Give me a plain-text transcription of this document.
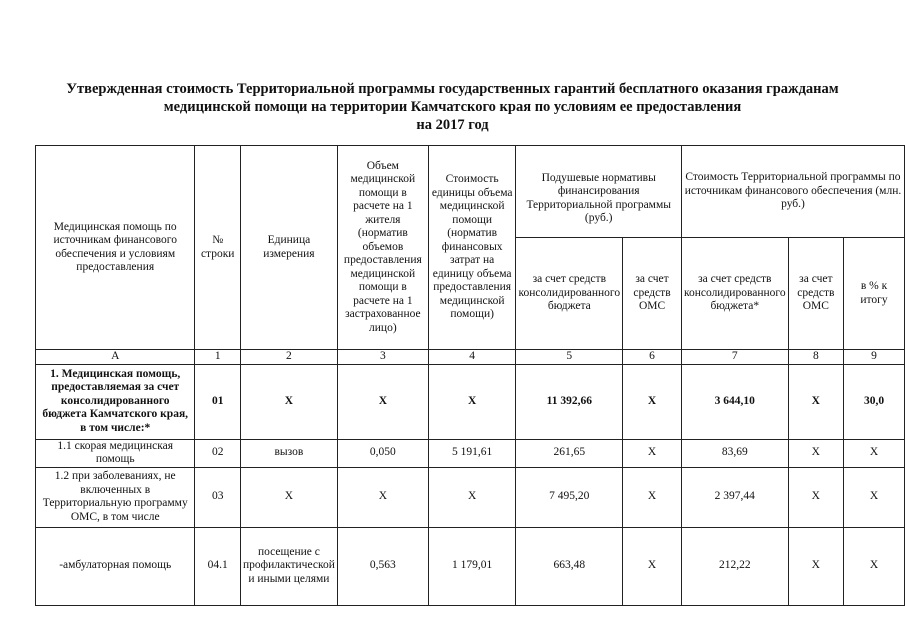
Утвержденная стоимость Территориальной программы государственных гарантий бесплатного оказания гражданам
медицинской помощи на территории Камчатского края по условиям ее предоставления
на 2017 год
Медицинская помощь по источникам финансового обеспечения и условиям предоставления	№ строки	Единица измерения	Объем медицинской помощи в расчете на 1 жителя (норматив объемов предоставления медицинской помощи в расчете на 1 застрахованное лицо)	Стоимость единицы объема медицинской помощи (норматив финансовых затрат на единицу объема предоставления медицинской помощи)	Подушевые нормативы финансирования Территориальной программы (руб.)		Стоимость Территориальной программы по источникам финансового обеспечения (млн. руб.)		
					за счет средств консолидированного бюджета	за счет средств ОМС	за счет средств консолидированного бюджета*	за счет средств ОМС	в % к итогу
А	1	2	3	4	5	6	7	8	9
1. Медицинская помощь, предоставляемая за счет консолидированного бюджета Камчатского края, в том числе:*	01	Х	Х	Х	11 392,66	Х	3 644,10	Х	30,0
1.1 скорая медицинская помощь	02	вызов	0,050	5 191,61	261,65	Х	83,69	Х	Х
1.2 при заболеваниях, не включенных в Территориальную программу ОМС, в том числе	03	Х	Х	Х	7 495,20	Х	2 397,44	Х	Х
-амбулаторная помощь	04.1	посещение с профилактической и иными целями	0,563	1 179,01	663,48	Х	212,22	Х	Х
